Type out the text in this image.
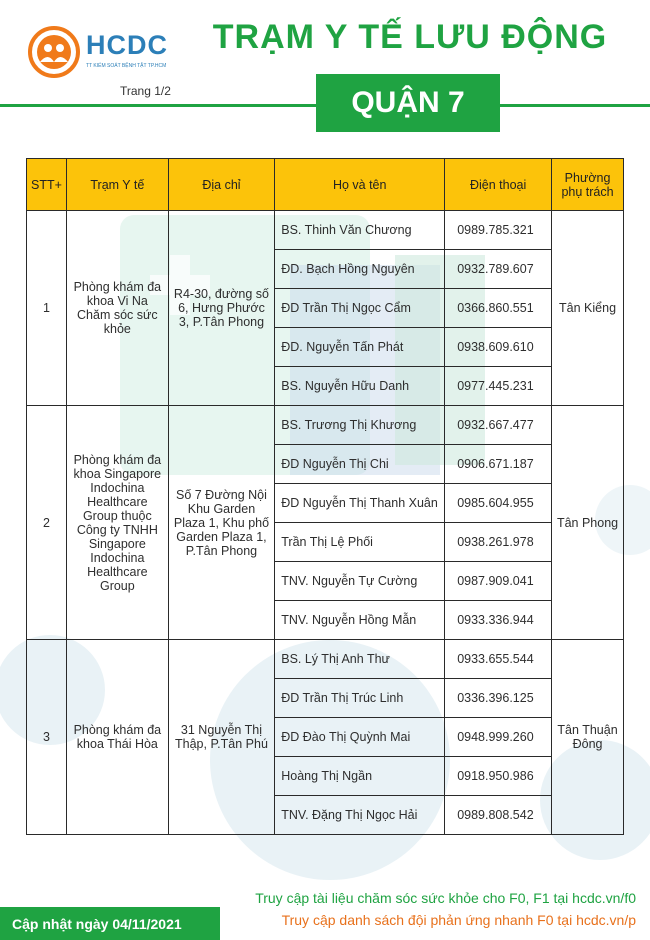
HCDC
TT KIỂM SOÁT BỆNH TẬT TP.HCM
TRẠM Y TẾ LƯU ĐỘNG
QUẬN 7
Trang 1/2
STT+	Trạm Y tế	Địa chỉ	Họ và tên	Điện thoại	Phường phụ trách
1	Phòng khám đa khoa Vi Na Chăm sóc sức khỏe	R4-30, đường số 6, Hưng Phước 3, P.Tân Phong	BS. Thinh Văn Chương	0989.785.321	Tân Kiểng
			ĐD. Bạch Hồng Nguyên	0932.789.607	
			ĐD Trần Thị Ngọc Cẩm	0366.860.551	
			ĐD. Nguyễn Tấn Phát	0938.609.610	
			BS. Nguyễn Hữu Danh	0977.445.231	
2	Phòng khám đa khoa Singapore Indochina Healthcare Group thuộc Công ty TNHH Singapore Indochina Healthcare Group	Số 7 Đường Nội Khu Garden Plaza 1, Khu phố Garden Plaza 1, P.Tân Phong	BS. Trương Thị Khương	0932.667.477	Tân Phong
			ĐD Nguyễn Thị Chi	0906.671.187	
			ĐD Nguyễn Thị Thanh Xuân	0985.604.955	
			Trần Thị Lệ Phối	0938.261.978	
			TNV. Nguyễn Tự Cường	0987.909.041	
			TNV. Nguyễn Hồng Mẫn	0933.336.944	
3	Phòng khám đa khoa Thái Hòa	31 Nguyễn Thị Thập, P.Tân Phú	BS. Lý Thị Anh Thư	0933.655.544	Tân Thuận Đông
			ĐD Trần Thị Trúc Linh	0336.396.125	
			ĐD Đào Thị Quỳnh Mai	0948.999.260	
			Hoàng Thị Ngần	0918.950.986	
			TNV. Đặng Thị Ngọc Hải	0989.808.542	
Truy cập tài liệu chăm sóc sức khỏe cho F0, F1 tại hcdc.vn/f0
Truy cập danh sách đội phản ứng nhanh F0 tại hcdc.vn/p
Cập nhật ngày 04/11/2021
